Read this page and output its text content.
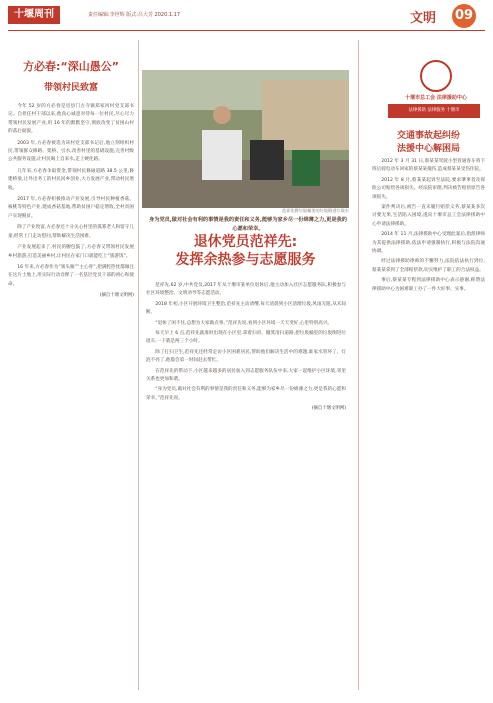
十堰周刊	责任编辑:李世辉 版式:吕大芳 2020.1.17	文明 09
方必春:“深山愚公”
带领村民致富

今年 52 岁的方必春是房县门古寺镇郑家河村党支部书记。自担任村干部以来,他真心诚意对待每一位村民,尽心尽力带领村民发展产业,用 16 年的默默坚守,彻底改变了贫困山村的落后面貌。

2003 年,方必春被选为该村党支部书记后,他立刻组织村民,带领群众修路、架桥、引水,改善村里的基础设施,完善村级公共服务设施,让村民喝上自来水,走上硬化路。

几年来,方必春争取资金,带领村民修通道路 38.5 公里,修建桥梁,让外出务工的村民回乡创业,大力发展产业,带动村民增收。

2017 年,方必春积极推动产业发展,引导村民种植香菇、核桃等特色产业,建成香菇基地,帮助贫困户稳定增收,全村贫困户实现脱贫。

除了产业致富,方必春还十分关心村里的孤寡老人和留守儿童,经常上门走访慰问,帮助解决生活困难。

产业发展起来了,村民的腰包鼓了,方必春又带领村民发展乡村旅游,打造美丽乡村,让村民在家门口就能吃上“旅游饭”。

16 年来,方必春作为“领头雁”“主心骨”,把满腔热忱都倾注在这片土地上,用实际行动诠释了一名基层党员干部的初心和使命。

(摘自十堰文明网)
范祥先将垃圾桶里的垃圾倒进垃圾车
身为党员,做对社会有利的事情是我的责任和义务,能够为家乡尽一份绵薄之力,更是我的心愿和荣幸。
退休党员范祥先:
发挥余热参与志愿服务

范祥先,62 岁,中共党员,2017 年从十堰市某单位退休后,他主动加入社区志愿服务队,积极参与社区环境整治、文明劝导等志愿活动。

2018 年初,小区开展环境卫生整治,范祥先主动请缨,每天清晨到小区清理垃圾,风雨无阻,从未间断。

“退休了闲不住,总想为大家做点事。”范祥先说,看到小区环境一天天变好,心里特别高兴。

每天早上 6 点,范祥先就准时出现在小区里,拿着扫帚、簸箕清扫道路,把垃圾桶里的垃圾倒进垃圾车,一干就是两三个小时。

除了打扫卫生,范祥先还经常走访小区困难居民,帮助他们解决生活中的难题,谁家水管坏了、灯泡不亮了,他都会第一时间赶去帮忙。

在范祥先的带动下,小区越来越多的居民加入到志愿服务队伍中来,大家一起维护小区环境,邻里关系也更加和谐。

“身为党员,做对社会有利的事情是我的责任和义务,能够为家乡尽一份绵薄之力,更是我的心愿和荣幸。”范祥先说。

(摘自十堰文明网)
十堰市总工会 法律援助中心
法律援助 法律服务 十堰市
交通事故起纠纷
法援中心解困局

2012 年 3 月 31 日,蔡某某驾驶小型普通客车将下班后骑电动车回家的蔡某某撞伤,造成蔡某某受伤住院。

2012 年 8 月,蔡某某起诉至法院,要求肇事者及保险公司赔偿各项损失。经法院审理,判决被告赔偿原告各项损失。

案件判决后,被告一直未履行赔偿义务,蔡某某多次讨要无果,生活陷入困境,遂向十堰市总工会法律援助中心申请法律援助。

2014 年 11 月,法律援助中心受理此案后,指派律师为其提供法律援助,依法申请强制执行,积极与法院沟通协调。

经过法律援助律师的不懈努力,法院依法执行到位,蔡某某拿到了全部赔偿款,切实维护了职工的合法权益。

事后,蔡某某专程到法律援助中心表示感谢,称赞法律援助中心为困难职工办了一件大好事、实事。
